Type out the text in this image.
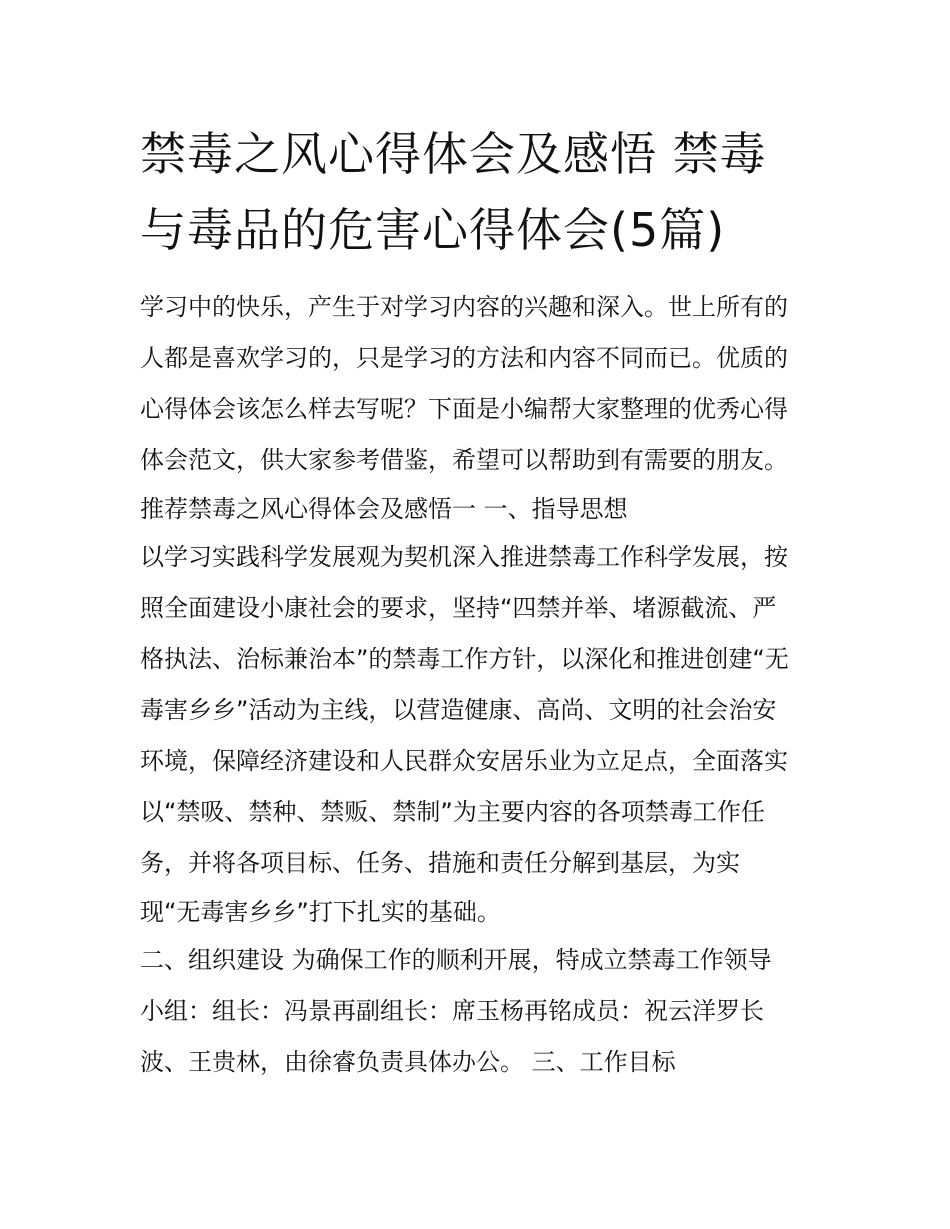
禁毒之风心得体会及感悟 禁毒
与毒品的危害心得体会(5篇)
学习中的快乐，产生于对学习内容的兴趣和深入。世上所有的
人都是喜欢学习的，只是学习的方法和内容不同而已。优质的
心得体会该怎么样去写呢？下面是小编帮大家整理的优秀心得
体会范文，供大家参考借鉴，希望可以帮助到有需要的朋友。
推荐禁毒之风心得体会及感悟一 一、指导思想
以学习实践科学发展观为契机深入推进禁毒工作科学发展，按
照全面建设小康社会的要求，坚持“四禁并举、堵源截流、严
格执法、治标兼治本”的禁毒工作方针，以深化和推进创建“无
毒害乡乡”活动为主线，以营造健康、高尚、文明的社会治安
环境，保障经济建设和人民群众安居乐业为立足点，全面落实
以“禁吸、禁种、禁贩、禁制”为主要内容的各项禁毒工作任
务，并将各项目标、任务、措施和责任分解到基层，为实
现“无毒害乡乡”打下扎实的基础。
二、组织建设 为确保工作的顺利开展，特成立禁毒工作领导
小组：组长：冯景再副组长：席玉杨再铭成员：祝云洋罗长
波、王贵林，由徐睿负责具体办公。 三、工作目标
